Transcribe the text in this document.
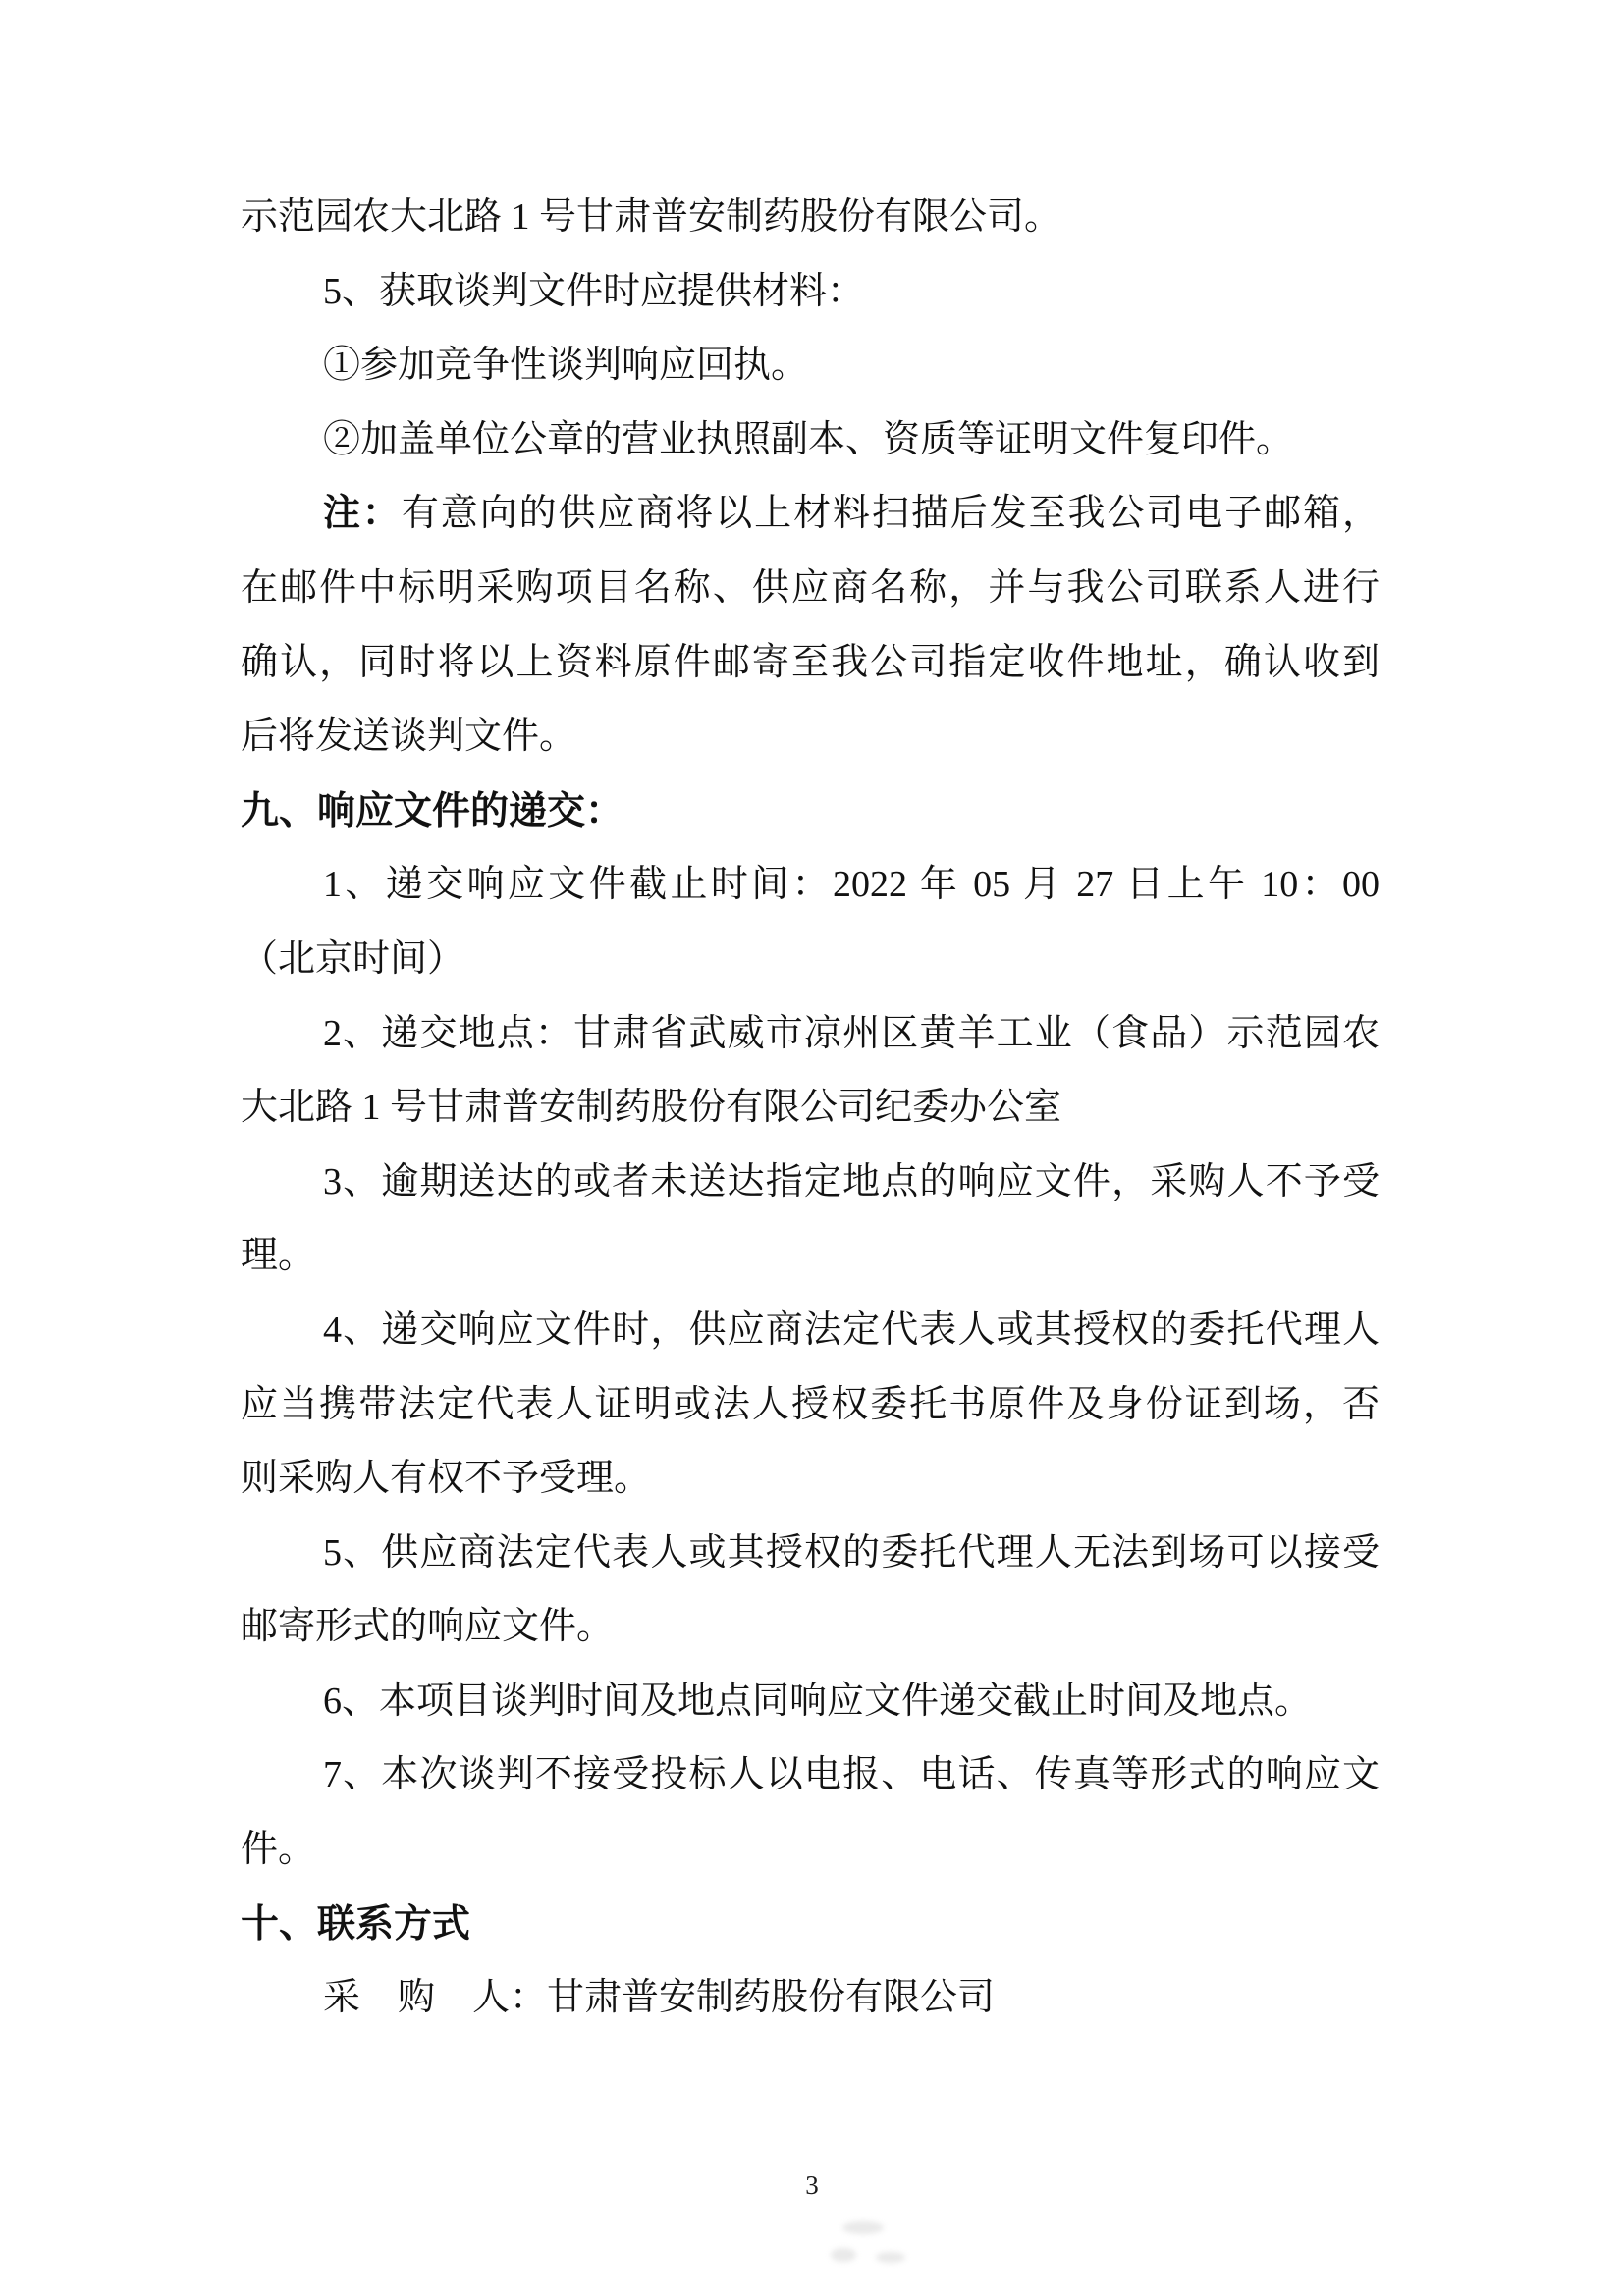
示范园农大北路 1 号甘肃普安制药股份有限公司。
5、获取谈判文件时应提供材料：
①参加竞争性谈判响应回执。
②加盖单位公章的营业执照副本、资质等证明文件复印件。
注：有意向的供应商将以上材料扫描后发至我公司电子邮箱，
在邮件中标明采购项目名称、供应商名称，并与我公司联系人进行
确认，同时将以上资料原件邮寄至我公司指定收件地址，确认收到
后将发送谈判文件。
九、响应文件的递交：
1、递交响应文件截止时间：2022 年 05 月 27 日上午 10：00
（北京时间）
2、递交地点：甘肃省武威市凉州区黄羊工业（食品）示范园农
大北路 1 号甘肃普安制药股份有限公司纪委办公室
3、逾期送达的或者未送达指定地点的响应文件，采购人不予受
理。
4、递交响应文件时，供应商法定代表人或其授权的委托代理人
应当携带法定代表人证明或法人授权委托书原件及身份证到场，否
则采购人有权不予受理。
5、供应商法定代表人或其授权的委托代理人无法到场可以接受
邮寄形式的响应文件。
6、本项目谈判时间及地点同响应文件递交截止时间及地点。
7、本次谈判不接受投标人以电报、电话、传真等形式的响应文
件。
十、联系方式
采　购　人：甘肃普安制药股份有限公司
3
